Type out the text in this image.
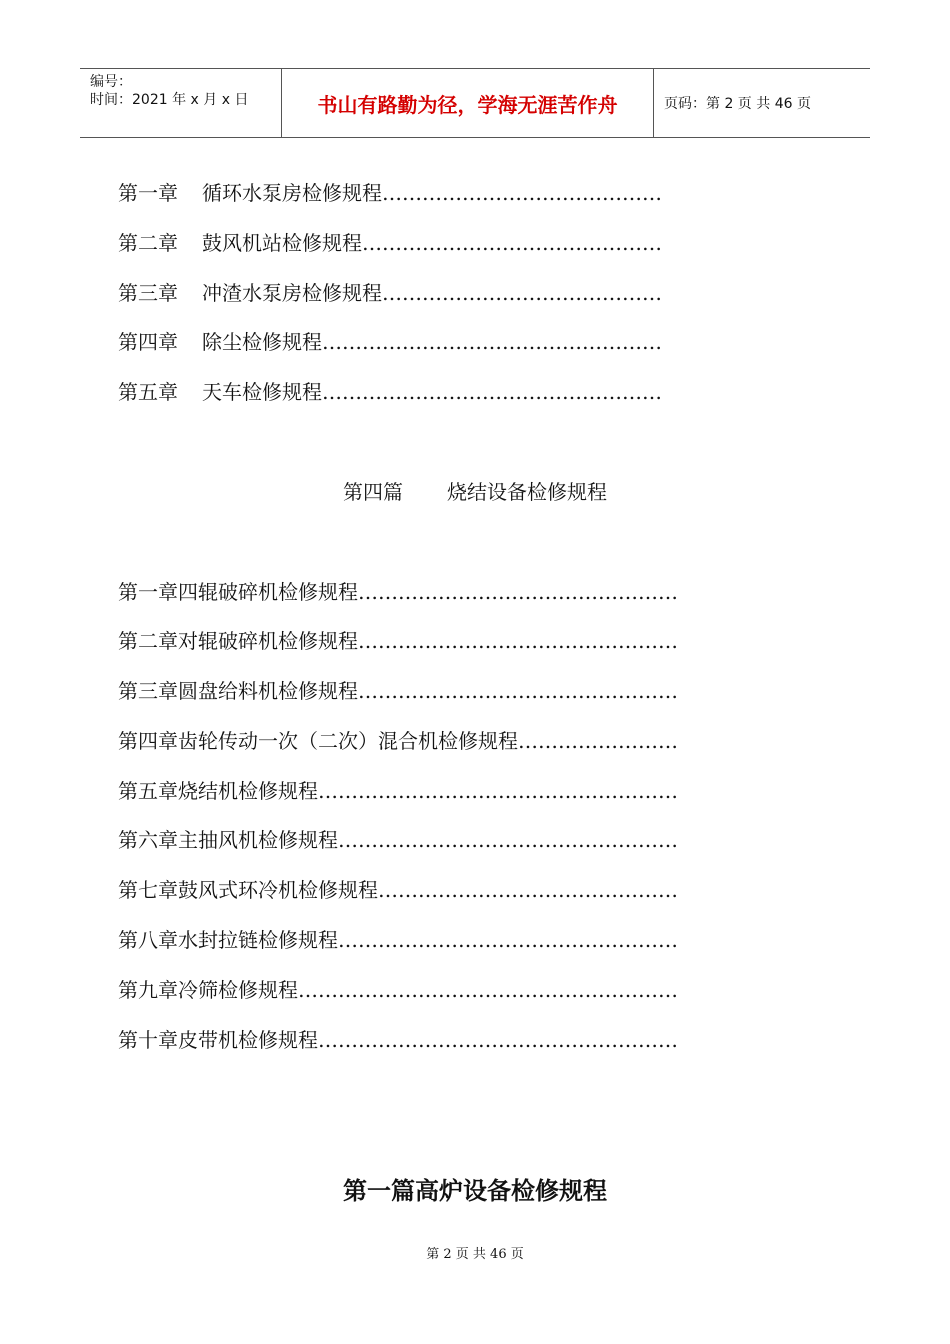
编号：
时间：2021 年 x 月 x 日	书山有路勤为径，学海无涯苦作舟	页码：第 2 页 共 46 页
第一章 循环水泵房检修规程……………………………………
第二章 鼓风机站检修规程………………………………………
第三章 冲渣水泵房检修规程……………………………………
第四章 除尘检修规程……………………………………………
第五章 天车检修规程……………………………………………
第四篇 烧结设备检修规程
第一章四辊破碎机检修规程…………………………………………
第二章对辊破碎机检修规程…………………………………………
第三章圆盘给料机检修规程…………………………………………
第四章齿轮传动一次（二次）混合机检修规程……………………
第五章烧结机检修规程………………………………………………
第六章主抽风机检修规程……………………………………………
第七章鼓风式环冷机检修规程………………………………………
第八章水封拉链检修规程……………………………………………
第九章冷筛检修规程…………………………………………………
第十章皮带机检修规程………………………………………………
第一篇高炉设备检修规程
第 2 页 共 46 页
